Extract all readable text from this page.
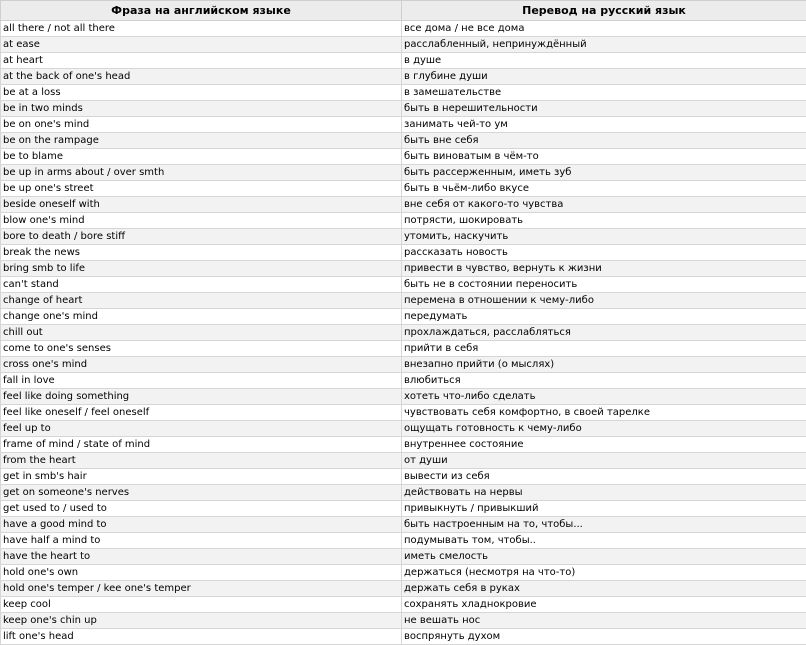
Фраза на английском языке	Перевод на русский язык
all there / not all there	все дома / не все дома
at ease	расслабленный, непринуждённый
at heart	в душе
at the back of one's head	в глубине души
be at a loss	в замешательстве
be in two minds	быть в нерешительности
be on one's mind	занимать чей-то ум
be on the rampage	быть вне себя
be to blame	быть виноватым в чём-то
be up in arms about / over smth	быть рассерженным, иметь зуб
be up one's street	быть в чьём-либо вкусе
beside oneself with	вне себя от какого-то чувства
blow one's mind	потрясти, шокировать
bore to death / bore stiff	утомить, наскучить
break the news	рассказать новость
bring smb to life	привести в чувство, вернуть к жизни
can't stand	быть не в состоянии переносить
change of heart	перемена в отношении к чему-либо
change one's mind	передумать
chill out	прохлаждаться, расслабляться
come to one's senses	прийти в себя
cross one's mind	внезапно прийти (о мыслях)
fall in love	влюбиться
feel like doing something	хотеть что-либо сделать
feel like oneself / feel oneself	чувствовать себя комфортно, в своей тарелке
feel up to	ощущать готовность к чему-либо
frame of mind / state of mind	внутреннее состояние
from the heart	от души
get in smb's hair	вывести из себя
get on someone's nerves	действовать на нервы
get used to / used to	привыкнуть / привыкший
have a good mind to	быть настроенным на то, чтобы...
have half a mind to	подумывать том, чтобы..
have the heart to	иметь смелость
hold one's own	держаться (несмотря на что-то)
hold one's temper / kee one's temper	держать себя в руках
keep cool	сохранять хладнокровие
keep one's chin up	не вешать нос
lift one's head	воспрянуть духом
